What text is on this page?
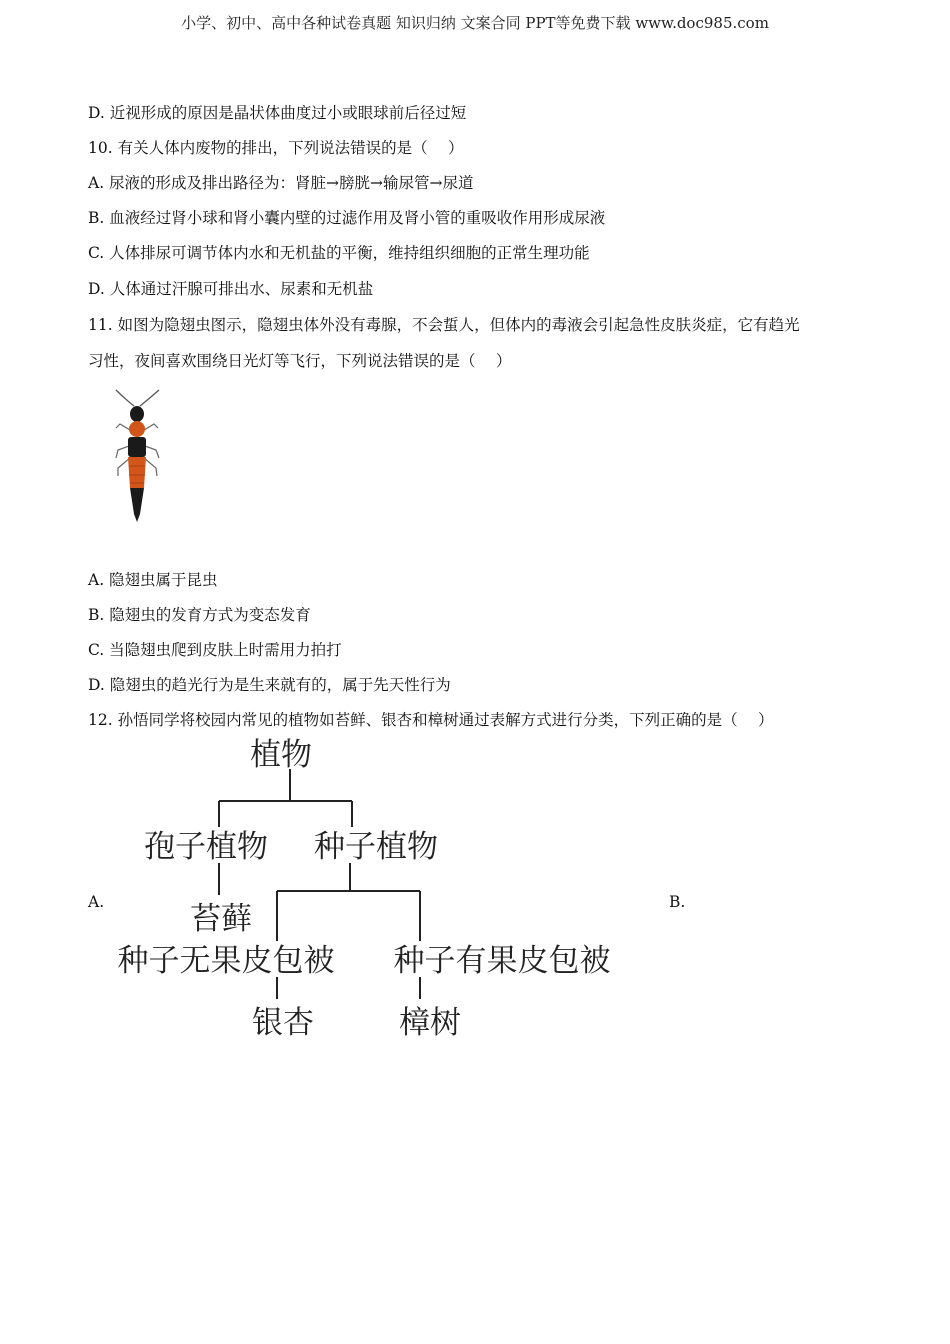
小学、初中、高中各种试卷真题 知识归纳 文案合同 PPT等免费下载 www.doc985.com
D. 近视形成的原因是晶状体曲度过小或眼球前后径过短
10. 有关人体内废物的排出，下列说法错误的是（　 ）
A. 尿液的形成及排出路径为：肾脏→膀胱→输尿管→尿道
B. 血液经过肾小球和肾小囊内壁的过滤作用及肾小管的重吸收作用形成尿液
C. 人体排尿可调节体内水和无机盐的平衡，维持组织细胞的正常生理功能
D. 人体通过汗腺可排出水、尿素和无机盐
11. 如图为隐翅虫图示，隐翅虫体外没有毒腺，不会蜇人，但体内的毒液会引起急性皮肤炎症，它有趋光
习性，夜间喜欢围绕日光灯等飞行，下列说法错误的是（　 ）
A. 隐翅虫属于昆虫
B. 隐翅虫的发育方式为变态发育
C. 当隐翅虫爬到皮肤上时需用力拍打
D. 隐翅虫的趋光行为是生来就有的，属于先天性行为
12. 孙悟同学将校园内常见的植物如苔鲜、银杏和樟树通过表解方式进行分类，下列正确的是（　 ）
A.	B.
植物
孢子植物 种子植物
苔藓
种子无果皮包被 种子有果皮包被
银杏	樟树
